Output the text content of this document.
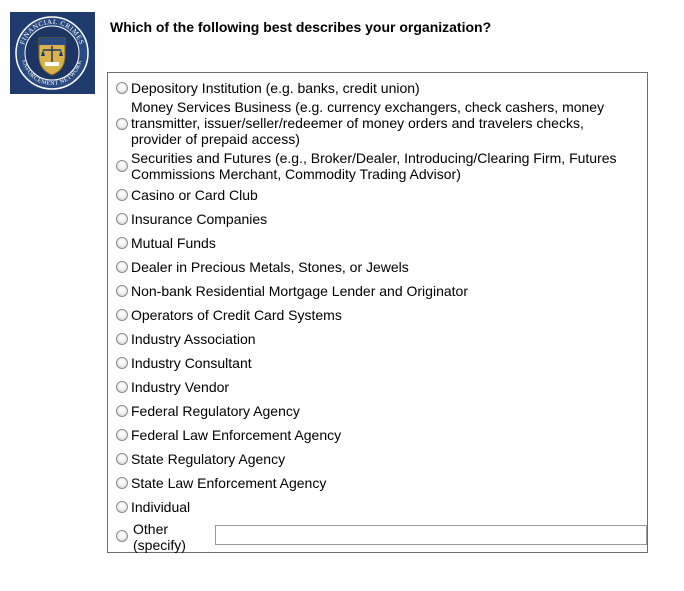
FINANCIAL CRIMES
ENFORCEMENT NETWORK
Which of the following best describes your organization?
Depository Institution (e.g. banks, credit union)
Money Services Business (e.g. currency exchangers, check cashers, money transmitter, issuer/seller/redeemer of money orders and travelers checks, provider of prepaid access)
Securities and Futures (e.g., Broker/Dealer, Introducing/Clearing Firm, Futures Commissions Merchant, Commodity Trading Advisor)
Casino or Card Club
Insurance Companies
Mutual Funds
Dealer in Precious Metals, Stones, or Jewels
Non-bank Residential Mortgage Lender and Originator
Operators of Credit Card Systems
Industry Association
Industry Consultant
Industry Vendor
Federal Regulatory Agency
Federal Law Enforcement Agency
State Regulatory Agency
State Law Enforcement Agency
Individual
Other (specify)
